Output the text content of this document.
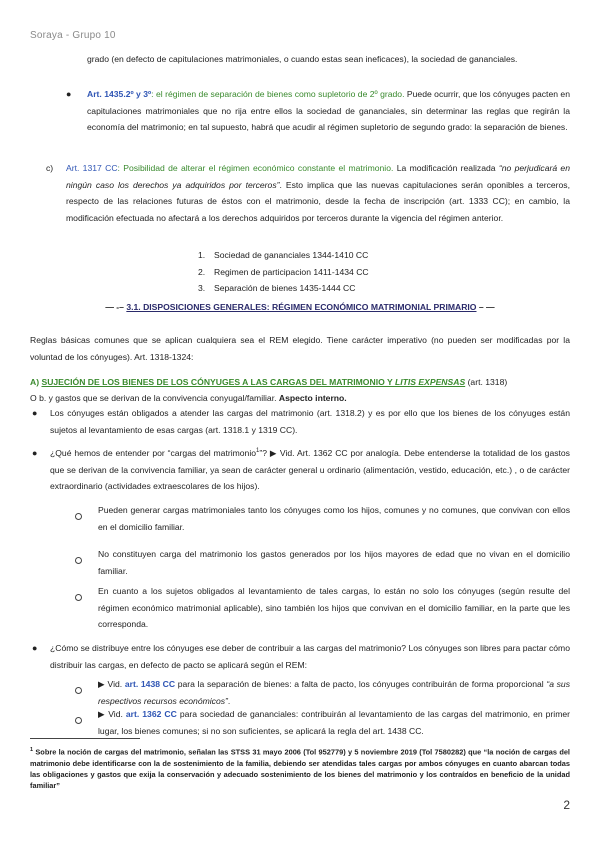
Soraya - Grupo 10
grado (en defecto de capitulaciones matrimoniales, o cuando estas sean ineficaces), la sociedad de gananciales.
● Art. 1435.2º y 3º: el régimen de separación de bienes como supletorio de 2º grado. Puede ocurrir, que los cónyuges pacten en capitulaciones matrimoniales que no rija entre ellos la sociedad de gananciales, sin determinar las reglas que regirán la economía del matrimonio; en tal supuesto, habrá que acudir al régimen supletorio de segundo grado: la separación de bienes.
c) Art. 1317 CC: Posibilidad de alterar el régimen económico constante el matrimonio. La modificación realizada “no perjudicará en ningún caso los derechos ya adquiridos por terceros”. Esto implica que las nuevas capitulaciones serán oponibles a terceros, respecto de las relaciones futuras de éstos con el matrimonio, desde la fecha de inscripción (art. 1333 CC); en cambio, la modificación efectuada no afectará a los derechos adquiridos por terceros durante la vigencia del régimen anterior.
1. Sociedad de gananciales 1344-1410 CC
2. Regimen de participacion 1411-1434 CC
3. Separación de bienes 1435-1444 CC
— -– 3.1. DISPOSICIONES GENERALES: RÉGIMEN ECONÓMICO MATRIMONIAL PRIMARIO – —
Reglas básicas comunes que se aplican cualquiera sea el REM elegido. Tiene carácter imperativo (no pueden ser modificadas por la voluntad de los cónyuges). Art. 1318-1324:
A) SUJECIÓN DE LOS BIENES DE LOS CÓNYUGES A LAS CARGAS DEL MATRIMONIO Y LITIS EXPENSAS (art. 1318)
O b. y gastos que se derivan de la convivencia conyugal/familiar. Aspecto interno.
● Los cónyuges están obligados a atender las cargas del matrimonio (art. 1318.2) y es por ello que los bienes de los cónyuges están sujetos al levantamiento de esas cargas (art. 1318.1 y 1319 CC).
● ¿Qué hemos de entender por “cargas del matrimonio$^1$”? ▶ Vid. Art. 1362 CC por analogía. Debe entenderse la totalidad de los gastos que se derivan de la convivencia familiar, ya sean de carácter general u ordinario (alimentación, vestido, educación, etc.) , o de carácter extraordinario (actividades extraescolares de los hijos).
Pueden generar cargas matrimoniales tanto los cónyuges como los hijos, comunes y no comunes, que convivan con ellos en el domicilio familiar.
No constituyen carga del matrimonio los gastos generados por los hijos mayores de edad que no vivan en el domicilio familiar.
En cuanto a los sujetos obligados al levantamiento de tales cargas, lo están no solo los cónyuges (según resulte del régimen económico matrimonial aplicable), sino también los hijos que convivan en el domicilio familiar, en la parte que les corresponda.
● ¿Cómo se distribuye entre los cónyuges ese deber de contribuir a las cargas del matrimonio? Los cónyuges son libres para pactar cómo distribuir las cargas, en defecto de pacto se aplicará según el REM:
▶ Vid. art. 1438 CC para la separación de bienes: a falta de pacto, los cónyuges contribuirán de forma proporcional “a sus respectivos recursos económicos”.
▶ Vid. art. 1362 CC para sociedad de gananciales: contribuirán al levantamiento de las cargas del matrimonio, en primer lugar, los bienes comunes; si no son suficientes, se aplicará la regla del art. 1438 CC.
$^1$ Sobre la noción de cargas del matrimonio, señalan las STSS 31 mayo 2006 (Tol 952779) y 5 noviembre 2019 (Tol 7580282) que “la noción de cargas del matrimonio debe identificarse con la de sostenimiento de la familia, debiendo ser atendidas tales cargas por ambos cónyuges en cuanto abarcan todas las obligaciones y gastos que exija la conservación y adecuado sostenimiento de los bienes del matrimonio y los contraídos en beneficio de la unidad familiar”
2
